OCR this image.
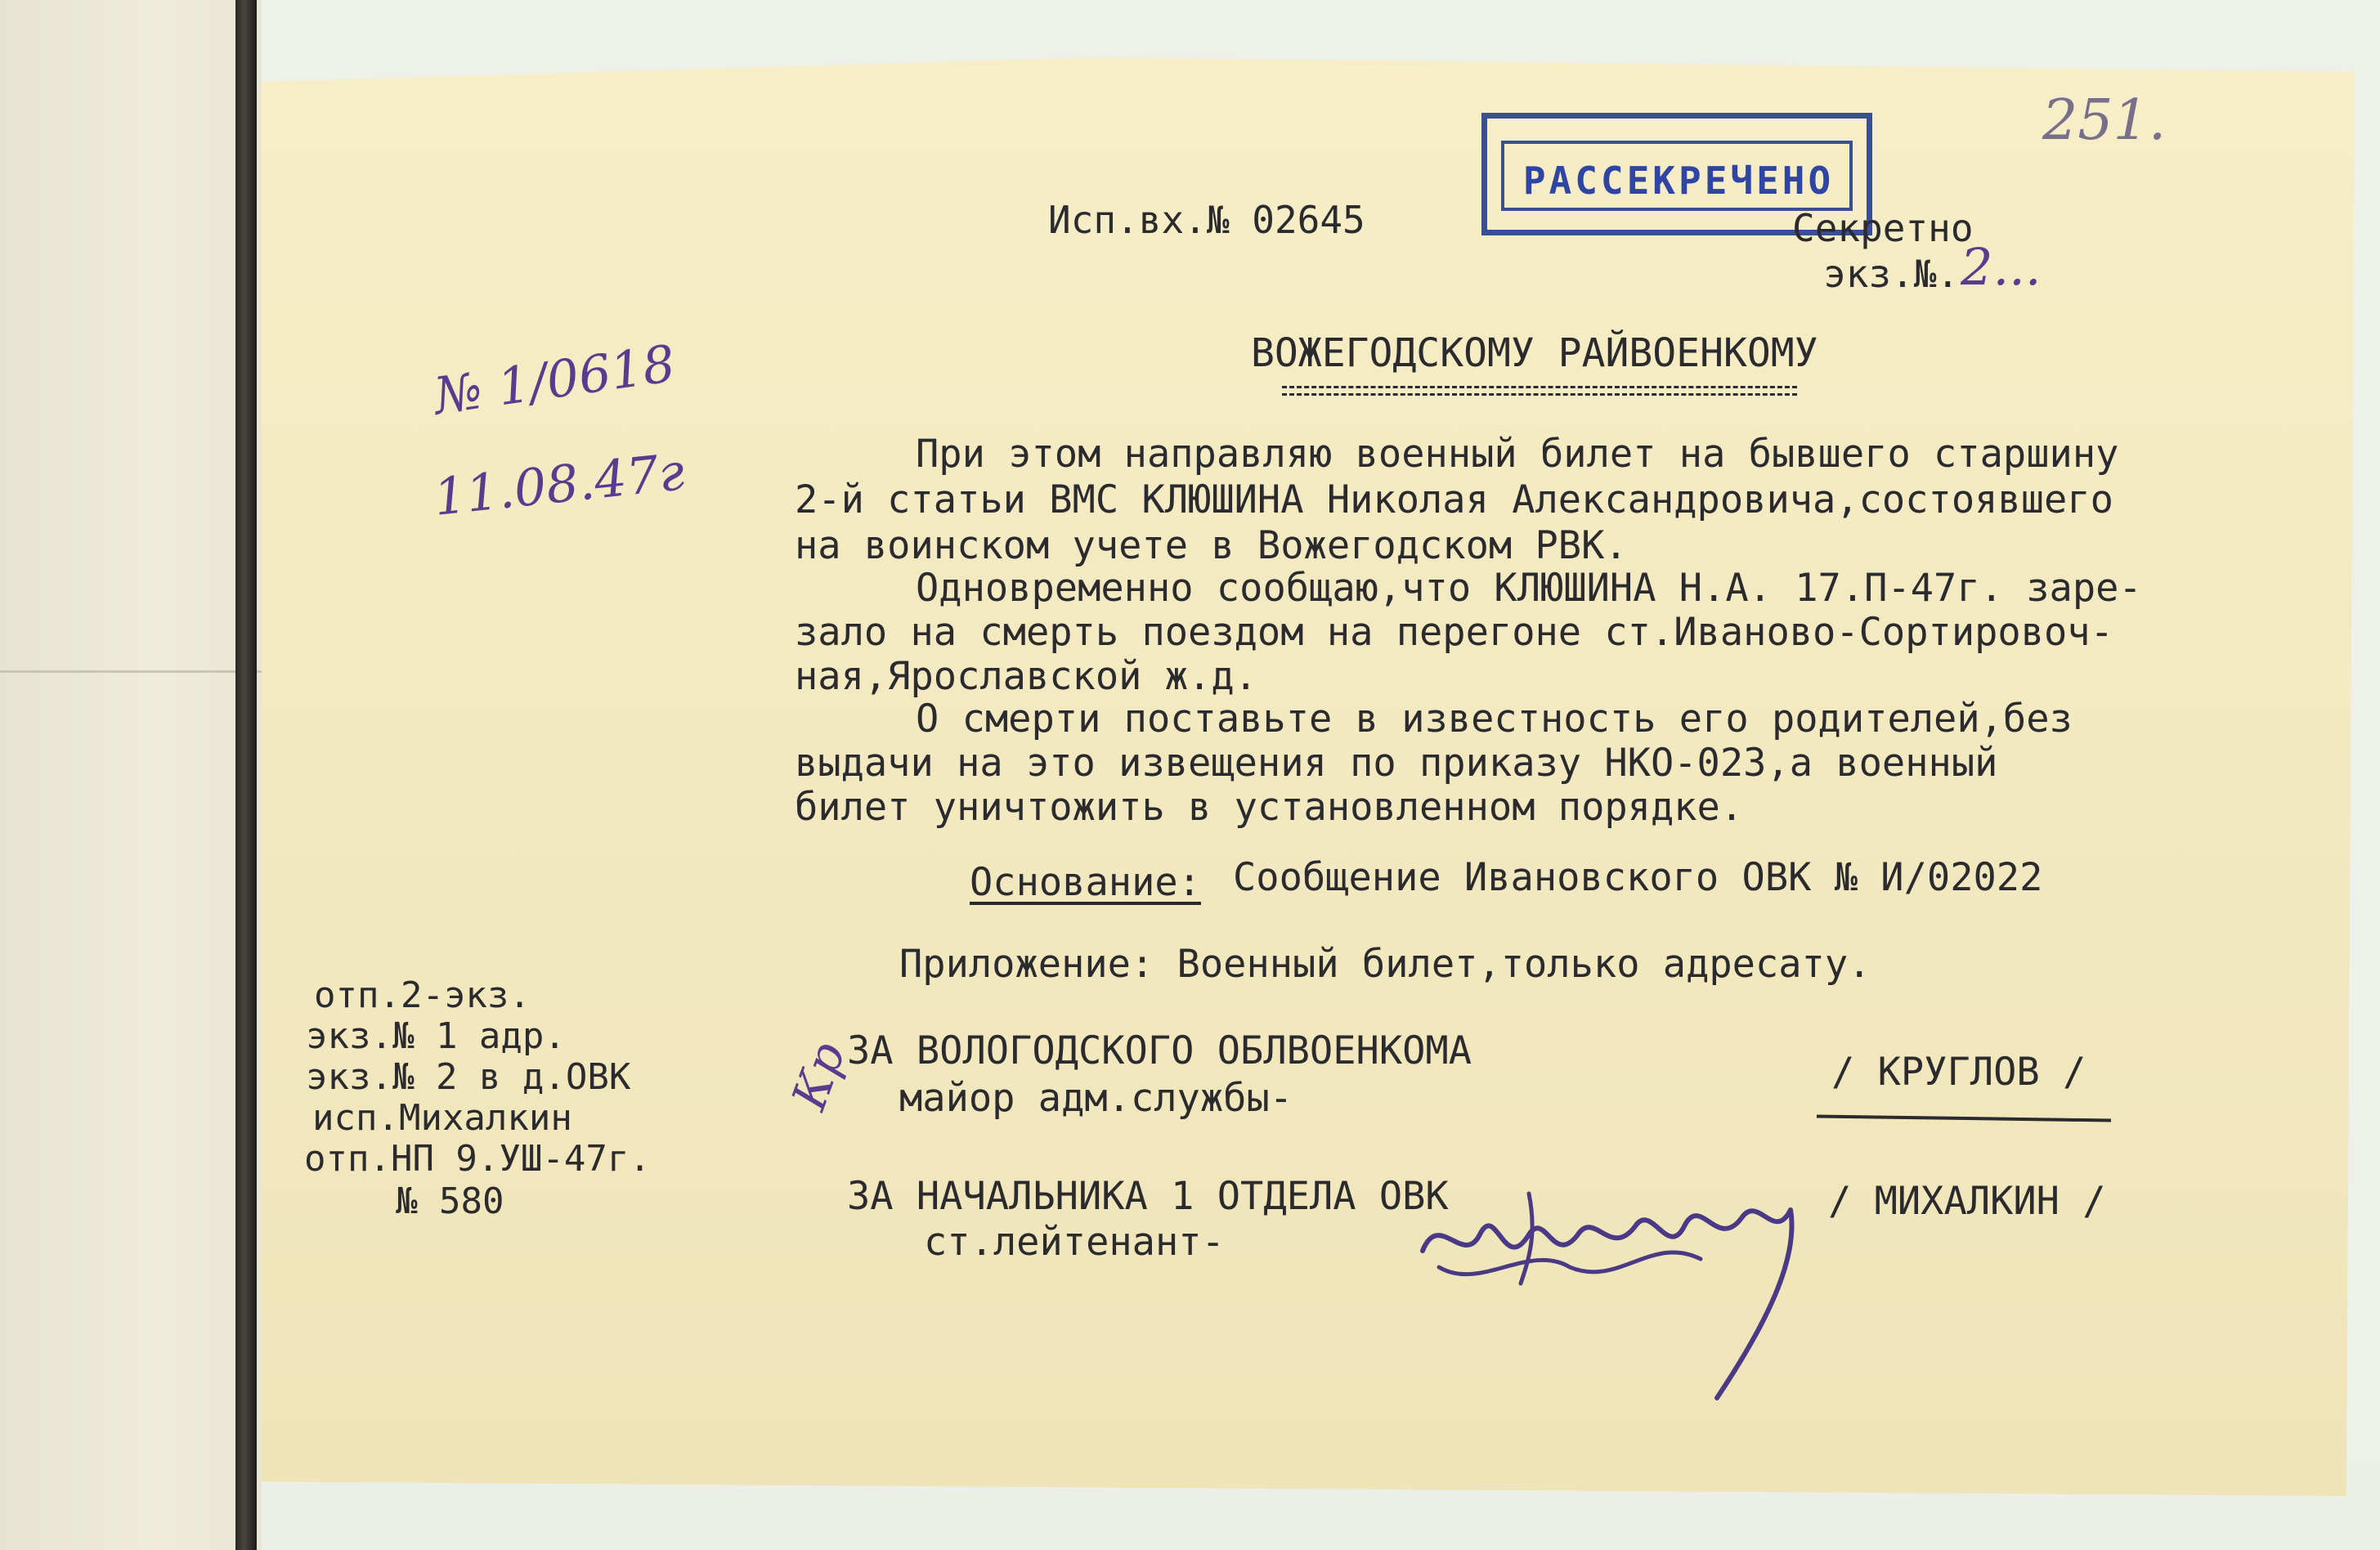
251.
РАССЕКРЕЧЕНО
Исп.вх.№ 02645	Секретно
экз.№. 2...
№ 1/0618
11.08.47г
ВОЖЕГОДСКОМУ РАЙВОЕНКОМУ
При этом направляю военный билет на бывшего старшину
2-й статьи ВМС КЛЮШИНА Николая Александровича,состоявшего
на воинском учете в Вожегодском РВК.
Одновременно сообщаю,что КЛЮШИНА Н.А. 17.П-47г. заре-
зало на смерть поездом на перегоне ст.Иваново-Сортировоч-
ная,Ярославской ж.д.
О смерти поставьте в известность его родителей,без
выдачи на это извещения по приказу НКО-023,а военный
билет уничтожить в установленном порядке.
Основание: Сообщение Ивановского ОВК № И/02022
Приложение: Военный билет,только адресату.
отп.2-экз.
экз.№ 1 адр.
экз.№ 2 в д.ОВК
исп.Михалкин
отп.НП 9.УШ-47г.
№ 580
Кр
ЗА ВОЛОГОДСКОГО ОБЛВОЕНКОМА
майор адм.службы-
/ КРУГЛОВ /
ЗА НАЧАЛЬНИКА 1 ОТДЕЛА ОВК
ст.лейтенант-
/ МИХАЛКИН /
